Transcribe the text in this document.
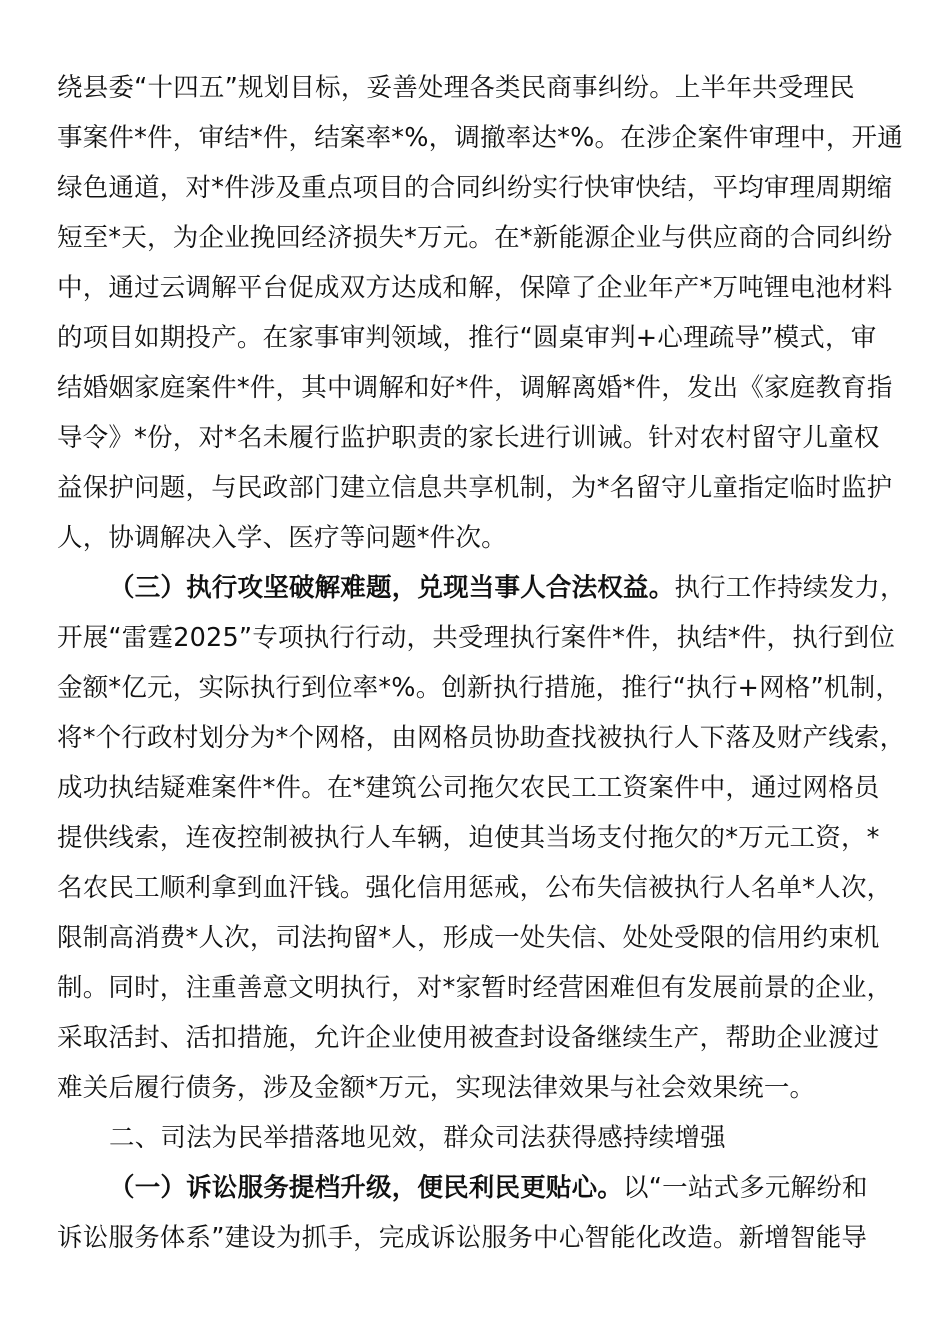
绕县委“十四五”规划目标，妥善处理各类民商事纠纷。上半年共受理民
事案件*件，审结*件，结案率*%，调撤率达*%。在涉企案件审理中，开通
绿色通道，对*件涉及重点项目的合同纠纷实行快审快结，平均审理周期缩
短至*天，为企业挽回经济损失*万元。在*新能源企业与供应商的合同纠纷
中，通过云调解平台促成双方达成和解，保障了企业年产*万吨锂电池材料
的项目如期投产。在家事审判领域，推行“圆桌审判+心理疏导”模式，审
结婚姻家庭案件*件，其中调解和好*件，调解离婚*件，发出《家庭教育指
导令》*份，对*名未履行监护职责的家长进行训诫。针对农村留守儿童权
益保护问题，与民政部门建立信息共享机制，为*名留守儿童指定临时监护
人，协调解决入学、医疗等问题*件次。
（三）执行攻坚破解难题，兑现当事人合法权益。执行工作持续发力，
开展“雷霆2025”专项执行行动，共受理执行案件*件，执结*件，执行到位
金额*亿元，实际执行到位率*%。创新执行措施，推行“执行+网格”机制，
将*个行政村划分为*个网格，由网格员协助查找被执行人下落及财产线索，
成功执结疑难案件*件。在*建筑公司拖欠农民工工资案件中，通过网格员
提供线索，连夜控制被执行人车辆，迫使其当场支付拖欠的*万元工资，*
名农民工顺利拿到血汗钱。强化信用惩戒，公布失信被执行人名单*人次，
限制高消费*人次，司法拘留*人，形成一处失信、处处受限的信用约束机
制。同时，注重善意文明执行，对*家暂时经营困难但有发展前景的企业，
采取活封、活扣措施，允许企业使用被查封设备继续生产，帮助企业渡过
难关后履行债务，涉及金额*万元，实现法律效果与社会效果统一。
二、司法为民举措落地见效，群众司法获得感持续增强
（一）诉讼服务提档升级，便民利民更贴心。以“一站式多元解纷和
诉讼服务体系”建设为抓手，完成诉讼服务中心智能化改造。新增智能导
